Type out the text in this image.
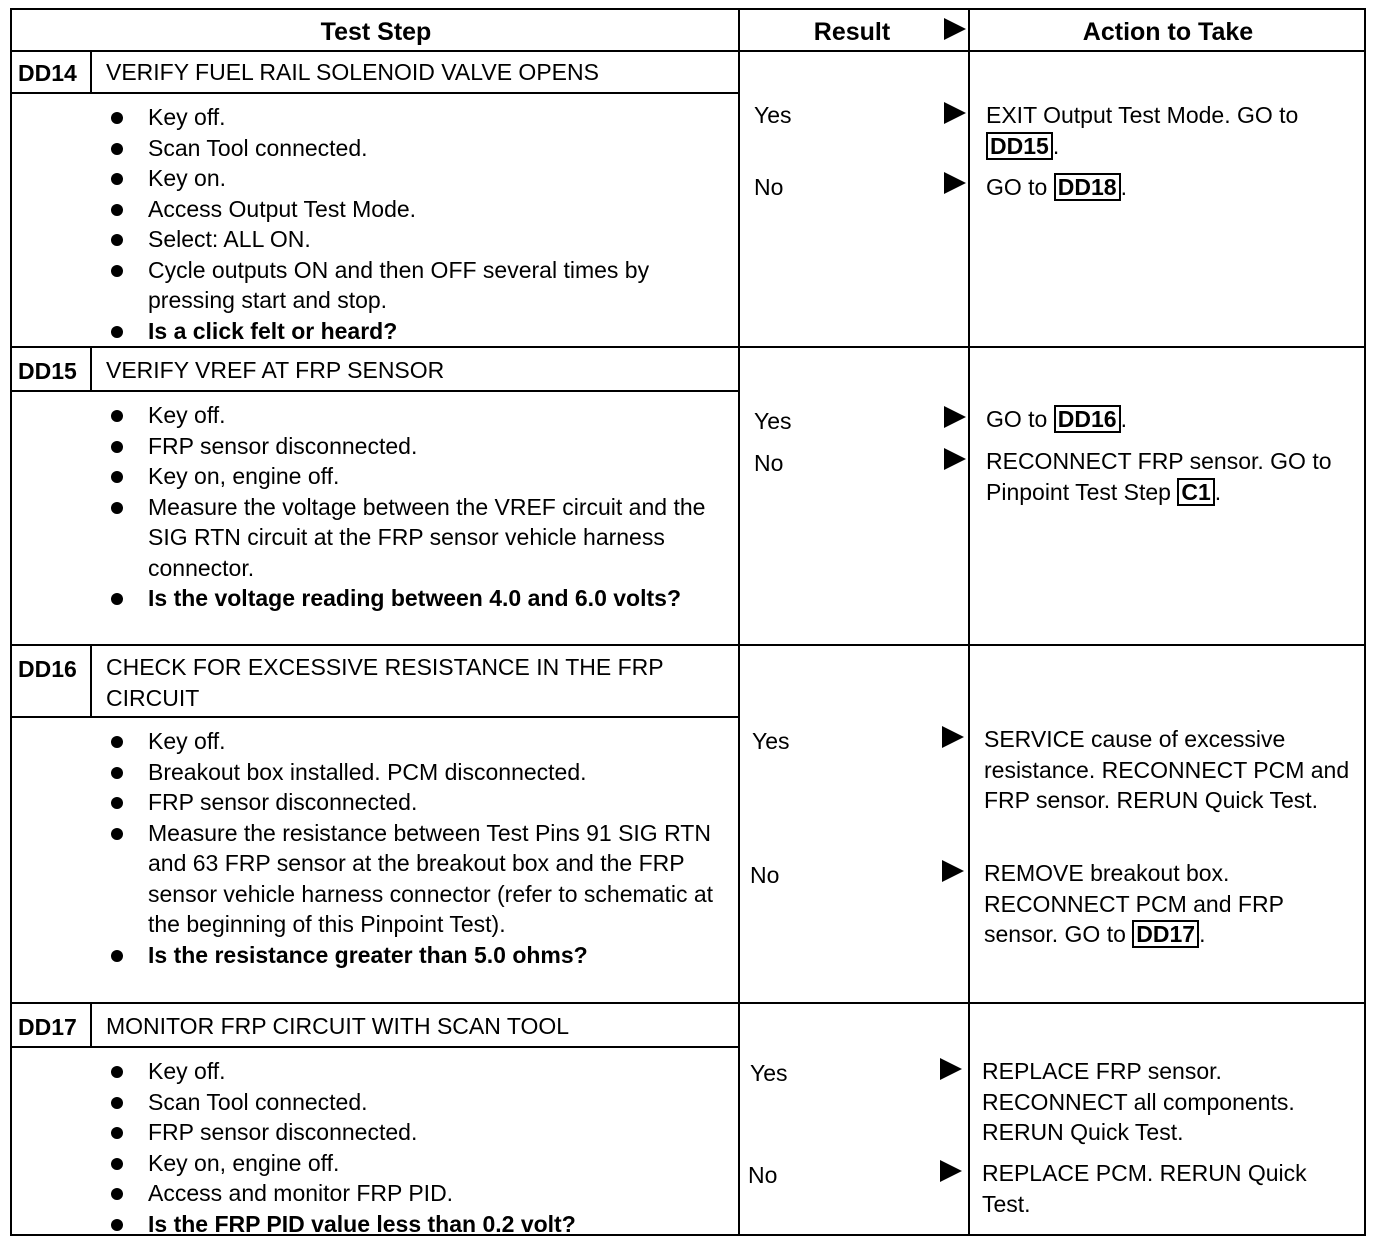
Test Step	Result	Action to Take
DD14	VERIFY FUEL RAIL SOLENOID VALVE OPENS
Key off.
Scan Tool connected.
Key on.
Access Output Test Mode.
Select: ALL ON.
Cycle outputs ON and then OFF several times by pressing start and stop.
Is a click felt or heard?
Yes	EXIT Output Test Mode. GO to DD15 .
No	GO to DD18 .
DD15	VERIFY VREF AT FRP SENSOR
Key off.
FRP sensor disconnected.
Key on, engine off.
Measure the voltage between the VREF circuit and the SIG RTN circuit at the FRP sensor vehicle harness connector.
Is the voltage reading between 4.0 and 6.0 volts?
Yes	GO to DD16 .
No	RECONNECT FRP sensor. GO to Pinpoint Test Step C1 .
DD16	CHECK FOR EXCESSIVE RESISTANCE IN THE FRP CIRCUIT
Key off.
Breakout box installed. PCM disconnected.
FRP sensor disconnected.
Measure the resistance between Test Pins 91 SIG RTN and 63 FRP sensor at the breakout box and the FRP sensor vehicle harness connector (refer to schematic at the beginning of this Pinpoint Test).
Is the resistance greater than 5.0 ohms?
Yes	SERVICE cause of excessive resistance. RECONNECT PCM and FRP sensor. RERUN Quick Test.
No	REMOVE breakout box. RECONNECT PCM and FRP sensor. GO to DD17 .
DD17	MONITOR FRP CIRCUIT WITH SCAN TOOL
Key off.
Scan Tool connected.
FRP sensor disconnected.
Key on, engine off.
Access and monitor FRP PID.
Is the FRP PID value less than 0.2 volt?
Yes	REPLACE FRP sensor. RECONNECT all components. RERUN Quick Test.
No	REPLACE PCM. RERUN Quick Test.
